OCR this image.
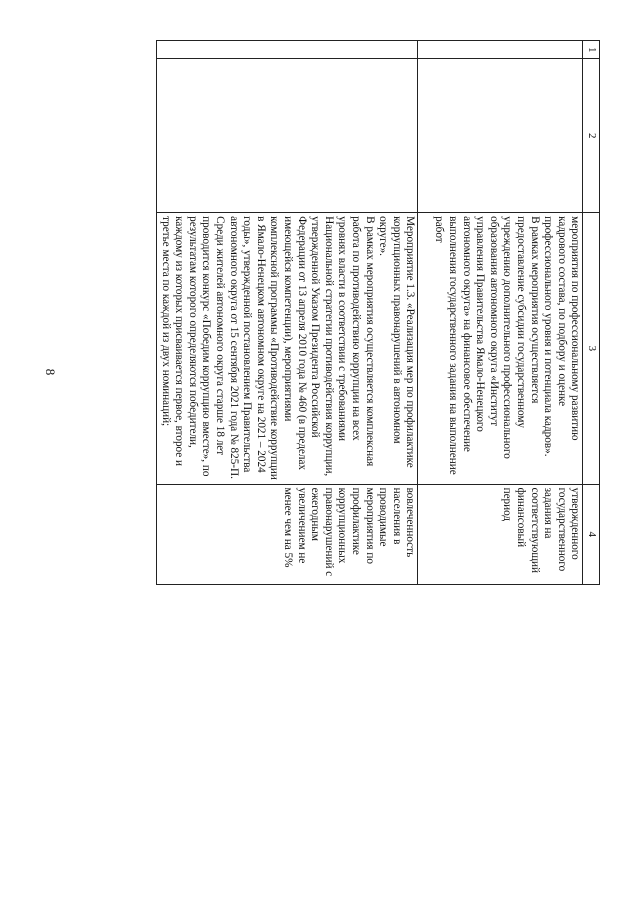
8
1	2	3	4
		мероприятия по профессиональному развитию кадрового состава, по подбору и оценке профессионального уровня и потенциала кадров».
В рамках мероприятия осуществляется предоставление субсидии государственному учреждению дополнительного профессионального образования автономного округа «Институт управления Правительства Ямало-Ненецкого автономного округа» на финансовое обеспечение выполнения государственного задания на выполнение работ	утвержденного государственного задания на соответствующий финансовый период
		Мероприятие 1.3. «Реализация мер по профилактике коррупционных правонарушений в автономном округе».
В рамках мероприятия осуществляется комплексная работа по противодействию коррупции на всех уровнях власти в соответствии с требованиями Национальной стратегии противодействия коррупции, утвержденной Указом Президента Российской Федерации от 13 апреля 2010 года № 460 (в пределах имеющейся компетенции), мероприятиями комплексной программы «Противодействие коррупции в Ямало-Ненецком автономном округе на 2021 – 2024 годы», утвержденной постановлением Правительства автономного округа от 15 сентября 2021 года № 825-П.
Среди жителей автономного округа старше 18 лет проводится конкурс «Победим коррупцию вместе», по результатам которого определяются победители, каждому из которых присваивается первое, второе и третье места по каждой из двух номинаций;	вовлеченность населения в проводимые мероприятия по профилактике коррупционных правонарушений с ежегодным увеличением не менее чем на 5%
